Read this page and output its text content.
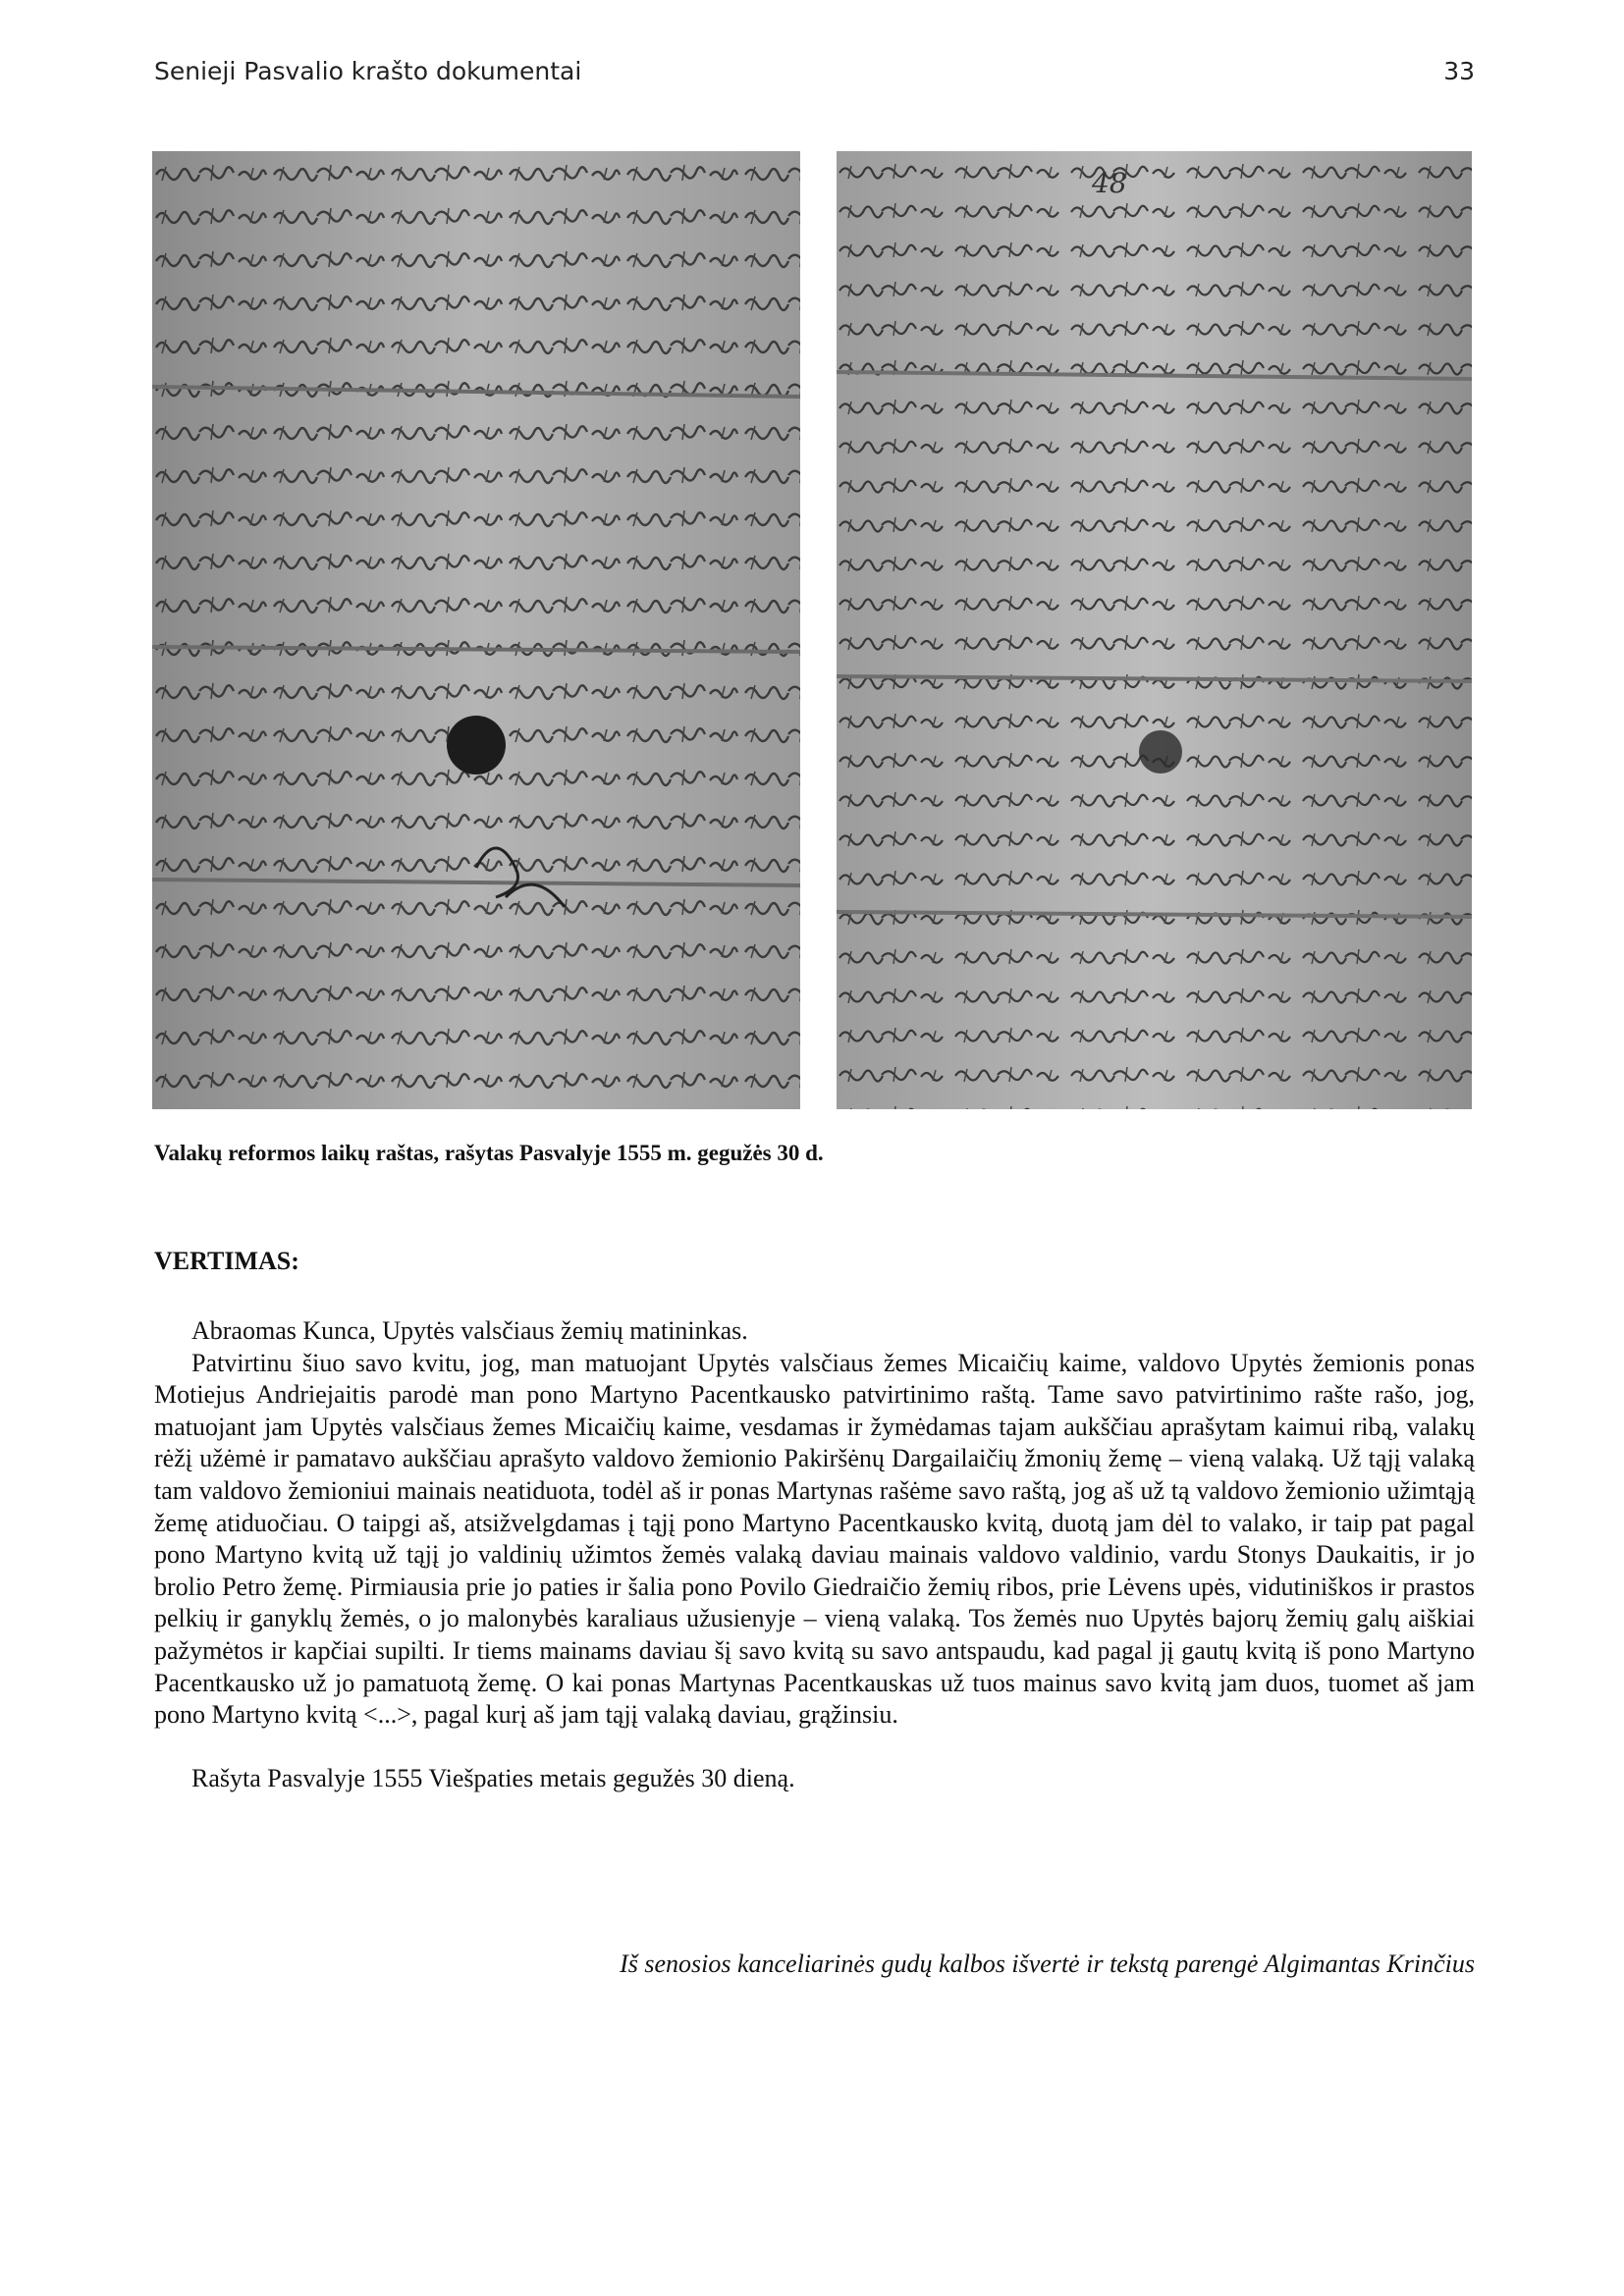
Senieji Pasvalio krašto dokumentai	33
48
Valakų reformos laikų raštas, rašytas Pasvalyje 1555 m. gegužės 30 d.
VERTIMAS:

Abraomas Kunca, Upytės valsčiaus žemių matininkas.

Patvirtinu šiuo savo kvitu, jog, man matuojant Upytės valsčiaus žemes Micaičių kaime, valdovo Upytės žemionis ponas Motiejus Andriejaitis parodė man pono Martyno Pacentkausko patvirtinimo raštą. Tame savo patvirtinimo rašte rašo, jog, matuojant jam Upytės valsčiaus žemes Micaičių kaime, vesdamas ir žymėdamas tajam aukščiau aprašytam kaimui ribą, valakų rėžį užėmė ir pamatavo aukščiau aprašyto valdovo žemionio Pakiršėnų Dargailaičių žmonių žemę – vieną valaką. Už tąjį valaką tam valdovo žemioniui mainais neatiduota, todėl aš ir ponas Martynas rašėme savo raštą, jog aš už tą valdovo žemionio užimtąją žemę atiduočiau. O taipgi aš, atsižvelgdamas į tąjį pono Martyno Pacentkausko kvitą, duotą jam dėl to valako, ir taip pat pagal pono Martyno kvitą už tąjį jo valdinių užimtos žemės valaką daviau mainais valdovo valdinio, vardu Stonys Daukaitis, ir jo brolio Petro žemę. Pirmiausia prie jo paties ir šalia pono Povilo Giedraičio žemių ribos, prie Lėvens upės, vidutiniškos ir prastos pelkių ir ganyklų žemės, o jo malonybės karaliaus užusienyje – vieną valaką. Tos žemės nuo Upytės bajorų žemių galų aiškiai pažymėtos ir kapčiai supilti. Ir tiems mainams daviau šį savo kvitą su savo antspaudu, kad pagal jį gautų kvitą iš pono Martyno Pacentkausko už jo pamatuotą žemę. O kai ponas Martynas Pacentkauskas už tuos mainus savo kvitą jam duos, tuomet aš jam pono Martyno kvitą <...>, pagal kurį aš jam tąjį valaką daviau, grąžinsiu.

Rašyta Pasvalyje 1555 Viešpaties metais gegužės 30 dieną.

Iš senosios kanceliarinės gudų kalbos išvertė ir tekstą parengė Algimantas Krinčius
